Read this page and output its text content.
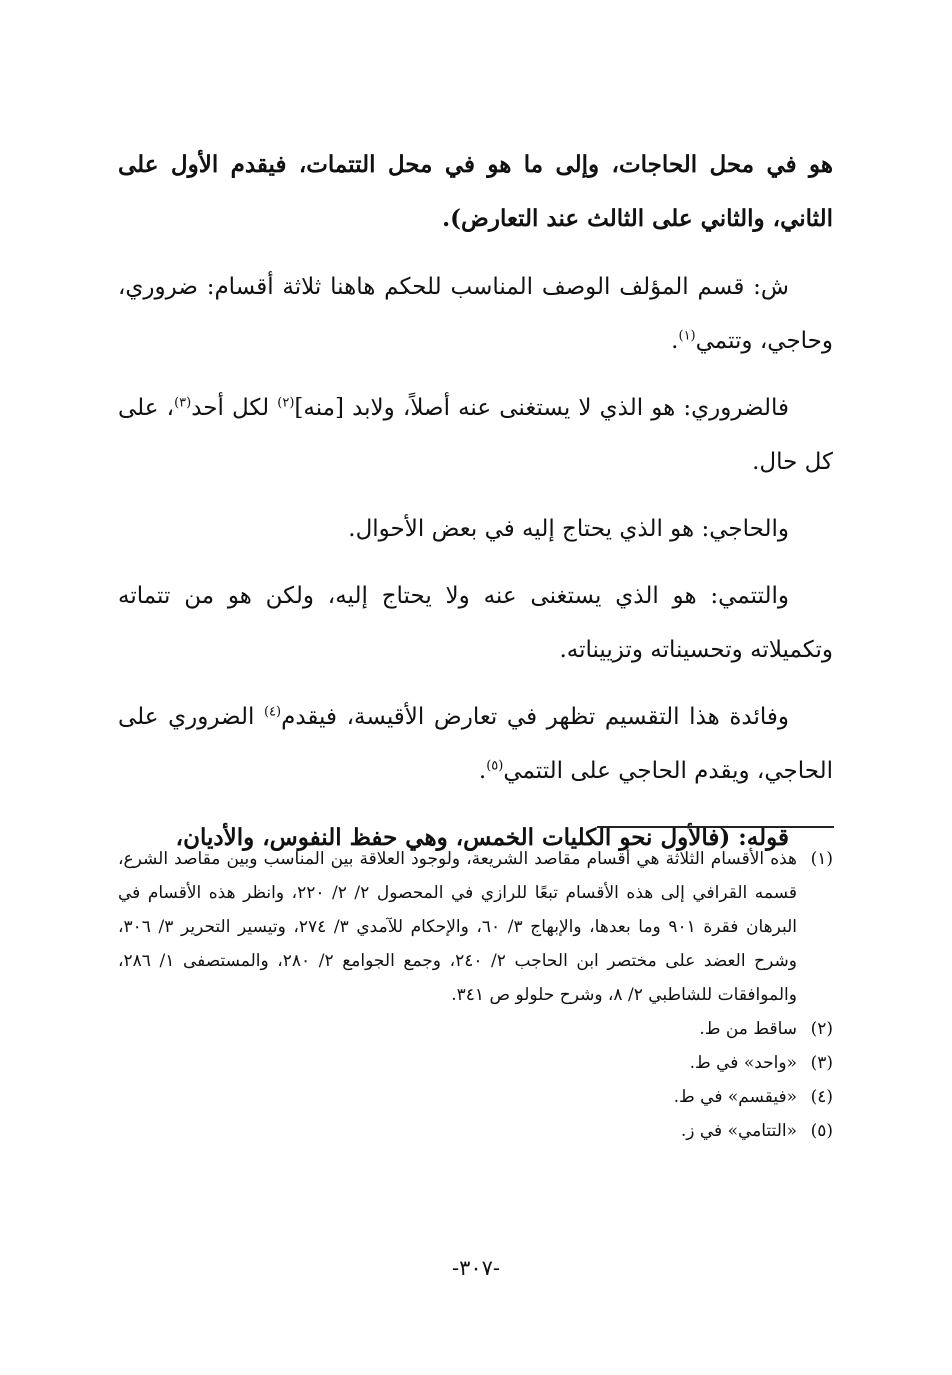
هو في محل الحاجات، وإلى ما هو في محل التتمات، فيقدم الأول على الثاني، والثاني على الثالث عند التعارض).

ش: قسم المؤلف الوصف المناسب للحكم هاهنا ثلاثة أقسام: ضروري، وحاجي، وتتمي$^{(١)}$.

فالضروري: هو الذي لا يستغنى عنه أصلاً، ولابد [منه]$^{(٢)}$ لكل أحد$^{(٣)}$، على كل حال.

والحاجي: هو الذي يحتاج إليه في بعض الأحوال.

والتتمي: هو الذي يستغنى عنه ولا يحتاج إليه، ولكن هو من تتماته وتكميلاته وتحسيناته وتزييناته.

وفائدة هذا التقسيم تظهر في تعارض الأقيسة، فيقدم$^{(٤)}$ الضروري على الحاجي، ويقدم الحاجي على التتمي$^{(٥)}$.

قوله: (فالأول نحو الكليات الخمس، وهي حفظ النفوس، والأديان،

(١)
هذه الأقسام الثلاثة هي أقسام مقاصد الشريعة، ولوجود العلاقة بين المناسب وبين مقاصد الشرع، قسمه القرافي إلى هذه الأقسام تبعًا للرازي في المحصول ٢/ ٢/ ٢٢٠، وانظر هذه الأقسام في البرهان فقرة ٩٠١ وما بعدها، والإبهاج ٣/ ٦٠، والإحكام للآمدي ٣/ ٢٧٤، وتيسير التحرير ٣/ ٣٠٦، وشرح العضد على مختصر ابن الحاجب ٢/ ٢٤٠، وجمع الجوامع ٢/ ٢٨٠، والمستصفى ١/ ٢٨٦، والموافقات للشاطبي ٢/ ٨، وشرح حلولو ص ٣٤١.
(٢)
ساقط من ط.
(٣)
«واحد» في ط.
(٤)
«فيقسم» في ط.
(٥)
«التتامي» في ز.
-٣٠٧-
